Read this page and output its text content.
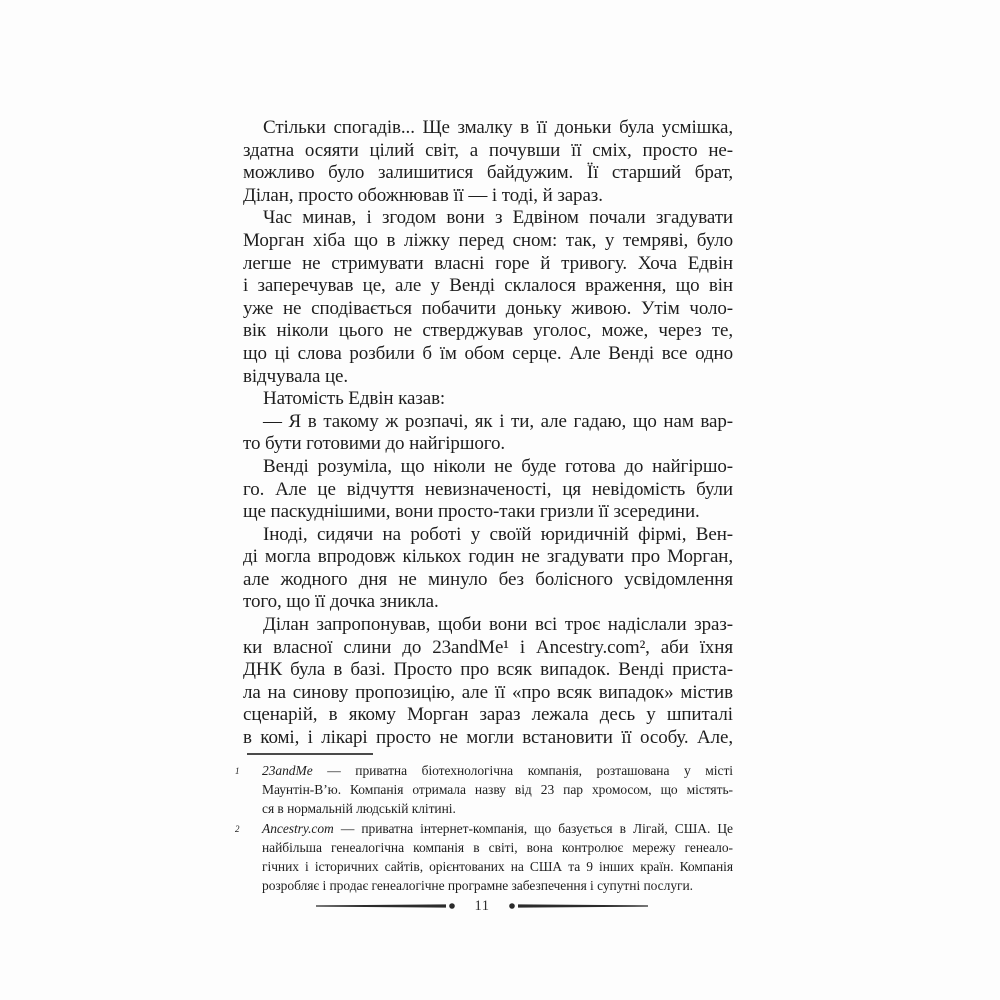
Стільки спогадів... Ще змалку в її доньки була усмішка,
здатна осяяти цілий світ, а почувши її сміх, просто не-
можливо було залишитися байдужим. Її старший брат,
Ділан, просто обожнював її — і тоді, й зараз.
Час минав, і згодом вони з Едвіном почали згадувати
Морган хіба що в ліжку перед сном: так, у темряві, було
легше не стримувати власні горе й тривогу. Хоча Едвін
і заперечував це, але у Венді склалося враження, що він
уже не сподівається побачити доньку живою. Утім чоло-
вік ніколи цього не стверджував уголос, може, через те,
що ці слова розбили б їм обом серце. Але Венді все одно
відчувала це.
Натомість Едвін казав:
— Я в такому ж розпачі, як і ти, але гадаю, що нам вар-
то бути готовими до найгіршого.
Венді розуміла, що ніколи не буде готова до найгіршо-
го. Але це відчуття невизначеності, ця невідомість були
ще паскуднішими, вони просто-таки гризли її зсередини.
Іноді, сидячи на роботі у своїй юридичній фірмі, Вен-
ді могла впродовж кількох годин не згадувати про Морган,
але жодного дня не минуло без болісного усвідомлення
того, що її дочка зникла.
Ділан запропонував, щоби вони всі троє надіслали зраз-
ки власної слини до 23andMe¹ і Ancestry.com², аби їхня
ДНК була в базі. Просто про всяк випадок. Венді приста-
ла на синову пропозицію, але її «про всяк випадок» містив
сценарій, в якому Морган зараз лежала десь у шпиталі
в комі, і лікарі просто не могли встановити її особу. Але,
1 23andMe — приватна біотехнологічна компанія, розташована у місті
Маунтін-В’ю. Компанія отримала назву від 23 пар хромосом, що містять-
ся в нормальній людській клітині.
2 Ancestry.com — приватна інтернет-компанія, що базується в Лігай, США. Це
найбільша генеалогічна компанія в світі, вона контролює мережу генеало-
гічних і історичних сайтів, орієнтованих на США та 9 інших країн. Компанія
розробляє і продає генеалогічне програмне забезпечення і супутні послуги.
11
